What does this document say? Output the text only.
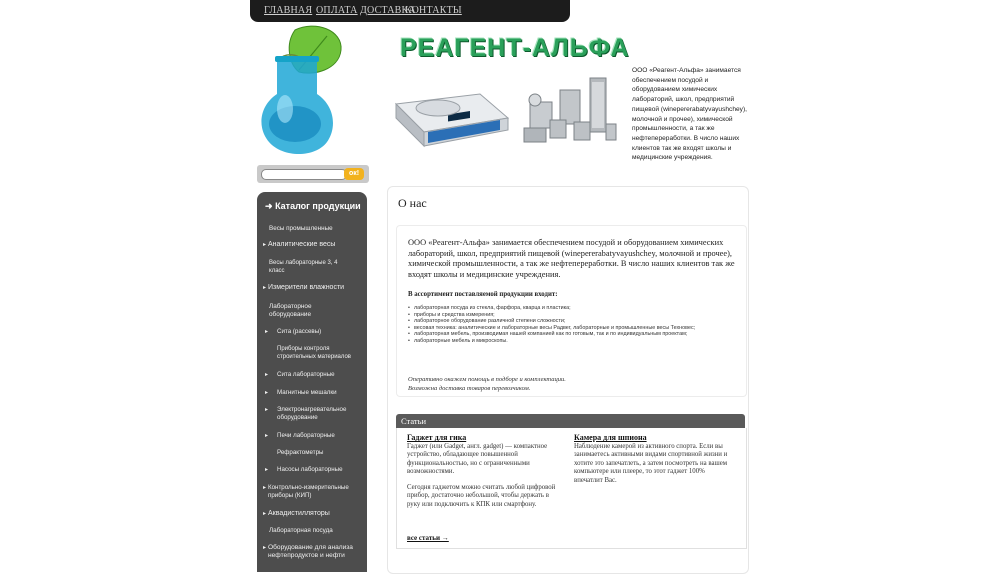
ГЛАВНАЯ ОПЛАТА ДОСТАВКА
КОНТАКТЫ
РЕАГЕНТ-АЛЬФА
ООО «Реагент-Альфа» занимается обеспечением посудой и оборудованием химических лабораторий, школ, предприятий пищевой (winepererabatyvayushchey), молочной и прочее), химической промышленности, а так же нефтепереработки. В число наших клиентов так же входят школы и медицинские учреждения.
ок!
➜ Каталог продукции
Весы промышленные
▸ Аналитические весы
Весы лабораторные 3, 4 класс
▸ Измерители влажности
Лабораторное оборудование
▸	Сита (рассевы)
Приборы контроля строительных материалов
▸	Сита лабораторные
▸	Магнитные мешалки
▸	Электронагревательное оборудование
▸	Печи лабораторные
Рефрактометры
▸	Насосы лабораторные
▸ Контрольно-измерительные приборы (КИП)
▸ Аквадистилляторы
Лабораторная посуда
▸ Оборудование для анализа нефтепродуктов и нефти
О нас
ООО «Реагент-Альфа» занимается обеспечением посудой и оборудованием химических лабораторий, школ, предприятий пищевой (winepererabatyvayushchey, молочной и прочее), химической промышленности, а так же нефтепереработки. В число наших клиентов так же входят школы и медицинские учреждения.
В ассортимент поставляемой продукции входит:
• лабораторная посуда из стекла, фарфора, кварца и пластика;
• приборы и средства измерения;
• лабораторное оборудование различной степени сложности;
• весовая техника: аналитические и лабораторные весы Радвег, лабораторные и промышленные весы Техновес;
• лабораторная мебель, производимая нашей компанией как по готовым, так и по индивидуальным проектам;
• лабораторные мебель и микроскопы.
Оперативно окажем помощь в подборе и комплектации.
Возможна доставка товаров перевозчиком.
Статьи
Гаджет для гика
Гаджет (или Gadget, англ. gadget) — компактное устройство, обладающее повышенной функциональностью, но с ограниченными возможностями.
Сегодня гаджетом можно считать любой цифровой прибор, достаточно небольшой, чтобы держать в руку или подключить к КПК или смартфону.
Камера для шпиона
Наблюдение камерой из активного спорта. Если вы занимаетесь активными видами спортивной жизни и хотите это запечатлеть, а затем посмотреть на вашем компьютере или плеере, то этот гаджет 100% впечатлит Вас.
все статьи →
